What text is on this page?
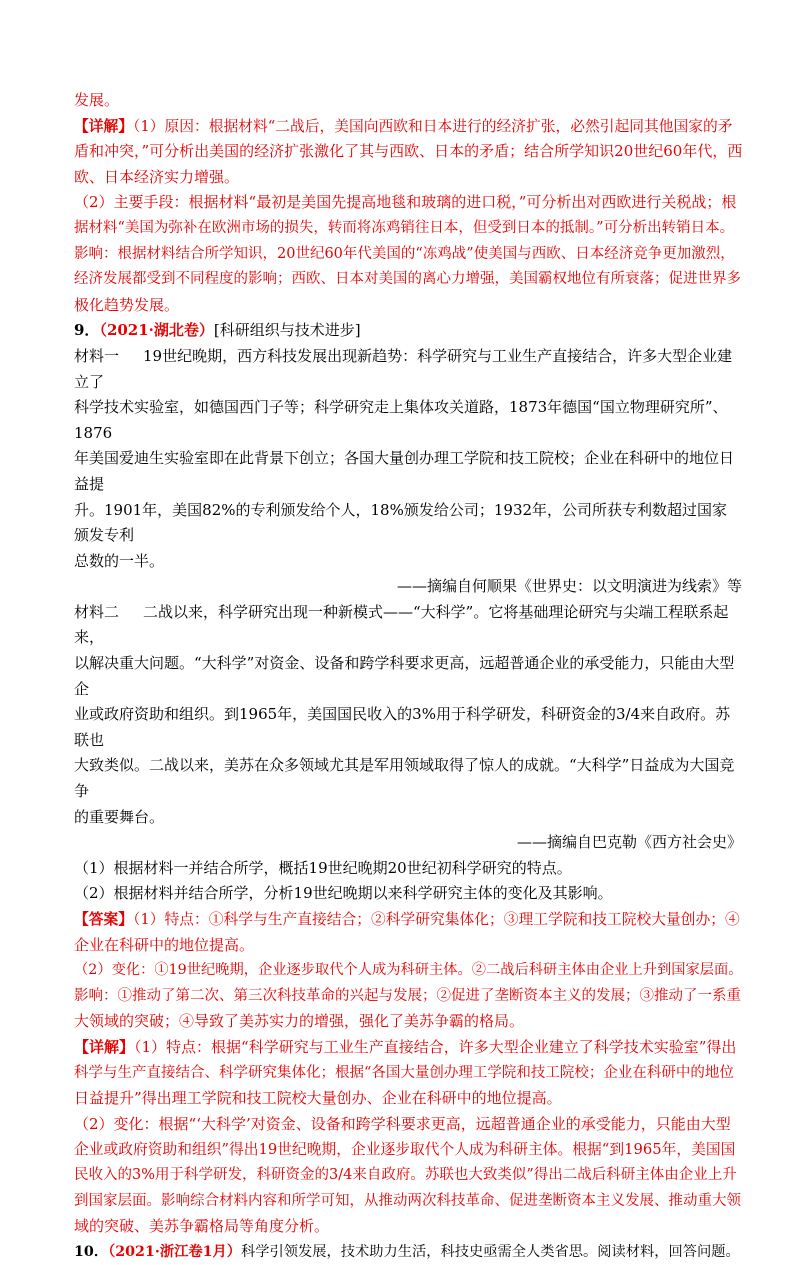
发展。

【详解】（1）原因：根据材料“二战后，美国向西欧和日本进行的经济扩张，必然引起同其他国家的矛

盾和冲突，”可分析出美国的经济扩张激化了其与西欧、日本的矛盾；结合所学知识20世纪60年代，西

欧、日本经济实力增强。

（2）主要手段：根据材料“最初是美国先提高地毯和玻璃的进口税，”可分析出对西欧进行关税战；根

据材料“美国为弥补在欧洲市场的损失，转而将冻鸡销往日本，但受到日本的抵制。”可分析出转销日本。

影响：根据材料结合所学知识，20世纪60年代美国的“冻鸡战”使美国与西欧、日本经济竞争更加激烈，

经济发展都受到不同程度的影响；西欧、日本对美国的离心力增强，美国霸权地位有所衰落；促进世界多

极化趋势发展。

9．（2021·湖北卷）[科研组织与技术进步]

材料一 19世纪晚期，西方科技发展出现新趋势：科学研究与工业生产直接结合，许多大型企业建立了

科学技术实验室，如德国西门子等；科学研究走上集体攻关道路，1873年德国“国立物理研究所”、1876

年美国爱迪生实验室即在此背景下创立；各国大量创办理工学院和技工院校；企业在科研中的地位日益提

升。1901年，美国82%的专利颁发给个人，18%颁发给公司；1932年，公司所获专利数超过国家颁发专利

总数的一半。

——摘编自何顺果《世界史：以文明演进为线索》等

材料二 二战以来，科学研究出现一种新模式——“大科学”。它将基础理论研究与尖端工程联系起来，

以解决重大问题。“大科学”对资金、设备和跨学科要求更高，远超普通企业的承受能力，只能由大型企

业或政府资助和组织。到1965年，美国国民收入的3%用于科学研发，科研资金的3/4来自政府。苏联也

大致类似。二战以来，美苏在众多领域尤其是军用领域取得了惊人的成就。“大科学”日益成为大国竞争

的重要舞台。

——摘编自巴克勒《西方社会史》

（1）根据材料一并结合所学，概括19世纪晚期20世纪初科学研究的特点。

（2）根据材料并结合所学，分析19世纪晚期以来科学研究主体的变化及其影响。

【答案】（1）特点：①科学与生产直接结合；②科学研究集体化；③理工学院和技工院校大量创办；④

企业在科研中的地位提高。

（2）变化：①19世纪晚期，企业逐步取代个人成为科研主体。②二战后科研主体由企业上升到国家层面。

影响：①推动了第二次、第三次科技革命的兴起与发展；②促进了垄断资本主义的发展；③推动了一系重

大领域的突破；④导致了美苏实力的增强，强化了美苏争霸的格局。

【详解】（1）特点：根据“科学研究与工业生产直接结合，许多大型企业建立了科学技术实验室”得出

科学与生产直接结合、科学研究集体化；根据“各国大量创办理工学院和技工院校；企业在科研中的地位

日益提升”得出理工学院和技工院校大量创办、企业在科研中的地位提高。

（2）变化：根据“‘大科学’对资金、设备和跨学科要求更高，远超普通企业的承受能力，只能由大型

企业或政府资助和组织”得出19世纪晚期，企业逐步取代个人成为科研主体。根据“到1965年，美国国

民收入的3%用于科学研发，科研资金的3/4来自政府。苏联也大致类似”得出二战后科研主体由企业上升

到国家层面。影响综合材料内容和所学可知，从推动两次科技革命、促进垄断资本主义发展、推动重大领

域的突破、美苏争霸格局等角度分析。

10．（2021·浙江卷1月）科学引领发展，技术助力生活，科技史亟需全人类省思。阅读材料，回答问题。
